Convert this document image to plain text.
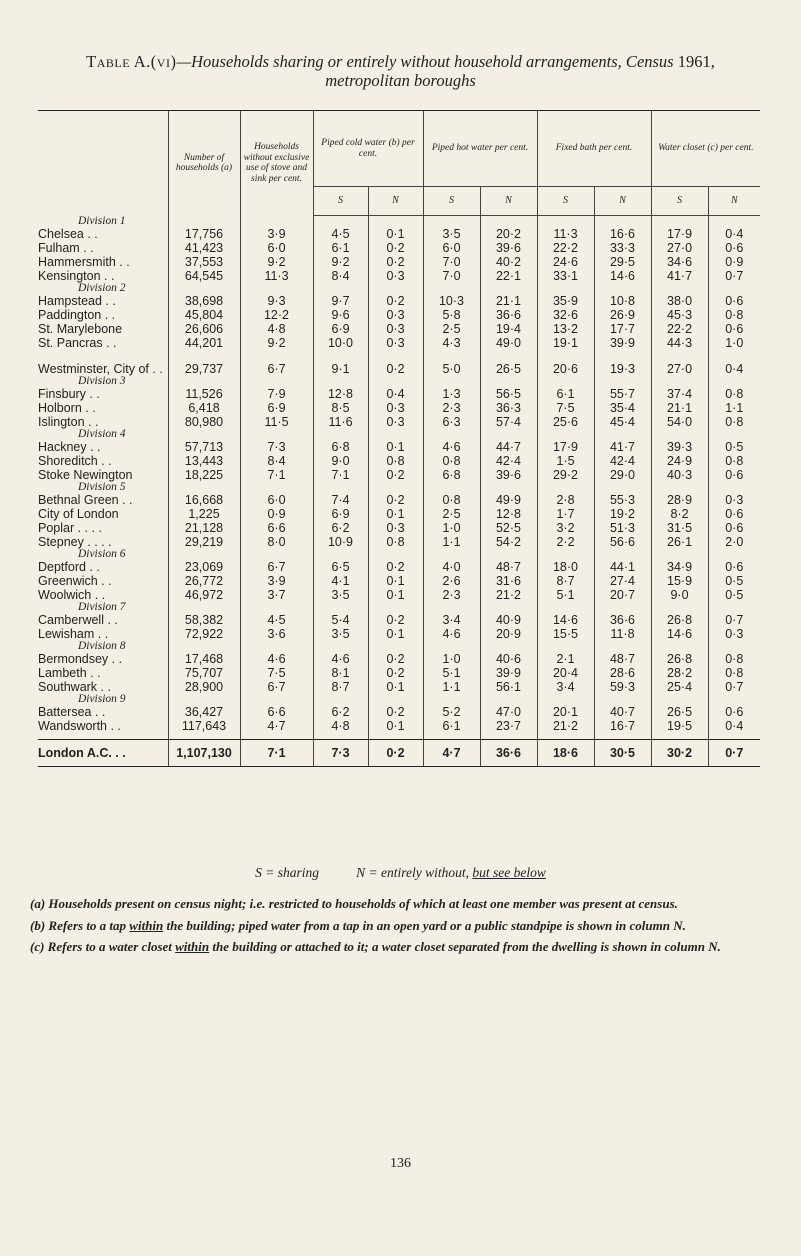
Table A.(vi)—Households sharing or entirely without household arrangements, Census 1961,
metropolitan boroughs
	Number of households (a)	Households without exclusive use of stove and sink per cent.	Piped cold water (b) per cent.		Piped hot water per cent.		Fixed bath per cent.		Water closet (c) per cent.	
			S	N	S	N	S	N	S	N
Division 1										
Chelsea . .	17,756	3·9	4·5	0·1	3·5	20·2	11·3	16·6	17·9	0·4
Fulham . .	41,423	6·0	6·1	0·2	6·0	39·6	22·2	33·3	27·0	0·6
Hammersmith . .	37,553	9·2	9·2	0·2	7·0	40·2	24·6	29·5	34·6	0·9
Kensington . .	64,545	11·3	8·4	0·3	7·0	22·1	33·1	14·6	41·7	0·7
Division 2										
Hampstead . .	38,698	9·3	9·7	0·2	10·3	21·1	35·9	10·8	38·0	0·6
Paddington . .	45,804	12·2	9·6	0·3	5·8	36·6	32·6	26·9	45·3	0·8
St. Marylebone	26,606	4·8	6·9	0·3	2·5	19·4	13·2	17·7	22·2	0·6
St. Pancras . .	44,201	9·2	10·0	0·3	4·3	49·0	19·1	39·9	44·3	1·0
Westminster, City of . .	29,737	6·7	9·1	0·2	5·0	26·5	20·6	19·3	27·0	0·4
Division 3										
Finsbury . .	11,526	7·9	12·8	0·4	1·3	56·5	6·1	55·7	37·4	0·8
Holborn . .	6,418	6·9	8·5	0·3	2·3	36·3	7·5	35·4	21·1	1·1
Islington . .	80,980	11·5	11·6	0·3	6·3	57·4	25·6	45·4	54·0	0·8
Division 4										
Hackney . .	57,713	7·3	6·8	0·1	4·6	44·7	17·9	41·7	39·3	0·5
Shoreditch . .	13,443	8·4	9·0	0·8	0·8	42·4	1·5	42·4	24·9	0·8
Stoke Newington	18,225	7·1	7·1	0·2	6·8	39·6	29·2	29·0	40·3	0·6
Division 5										
Bethnal Green . .	16,668	6·0	7·4	0·2	0·8	49·9	2·8	55·3	28·9	0·3
City of London	1,225	0·9	6·9	0·1	2·5	12·8	1·7	19·2	8·2	0·6
Poplar . . . .	21,128	6·6	6·2	0·3	1·0	52·5	3·2	51·3	31·5	0·6
Stepney . . . .	29,219	8·0	10·9	0·8	1·1	54·2	2·2	56·6	26·1	2·0
Division 6										
Deptford . .	23,069	6·7	6·5	0·2	4·0	48·7	18·0	44·1	34·9	0·6
Greenwich . .	26,772	3·9	4·1	0·1	2·6	31·6	8·7	27·4	15·9	0·5
Woolwich . .	46,972	3·7	3·5	0·1	2·3	21·2	5·1	20·7	9·0	0·5
Division 7										
Camberwell . .	58,382	4·5	5·4	0·2	3·4	40·9	14·6	36·6	26·8	0·7
Lewisham . .	72,922	3·6	3·5	0·1	4·6	20·9	15·5	11·8	14·6	0·3
Division 8										
Bermondsey . .	17,468	4·6	4·6	0·2	1·0	40·6	2·1	48·7	26·8	0·8
Lambeth . .	75,707	7·5	8·1	0·2	5·1	39·9	20·4	28·6	28·2	0·8
Southwark . .	28,900	6·7	8·7	0·1	1·1	56·1	3·4	59·3	25·4	0·7
Division 9										
Battersea . .	36,427	6·6	6·2	0·2	5·2	47·0	20·1	40·7	26·5	0·6
Wandsworth . .	117,643	4·7	4·8	0·1	6·1	23·7	21·2	16·7	19·5	0·4

London A.C. . .	1,107,130	7·1	7·3	0·2	4·7	36·6	18·6	30·5	30·2	0·7
S = sharing	N = entirely without, but see below

(a) Households present on census night; i.e. restricted to households of which at least one member was present at census.

(b) Refers to a tap within the building; piped water from a tap in an open yard or a public standpipe is shown in column N.

(c) Refers to a water closet within the building or attached to it; a water closet separated from the dwelling is shown in column N.

136
